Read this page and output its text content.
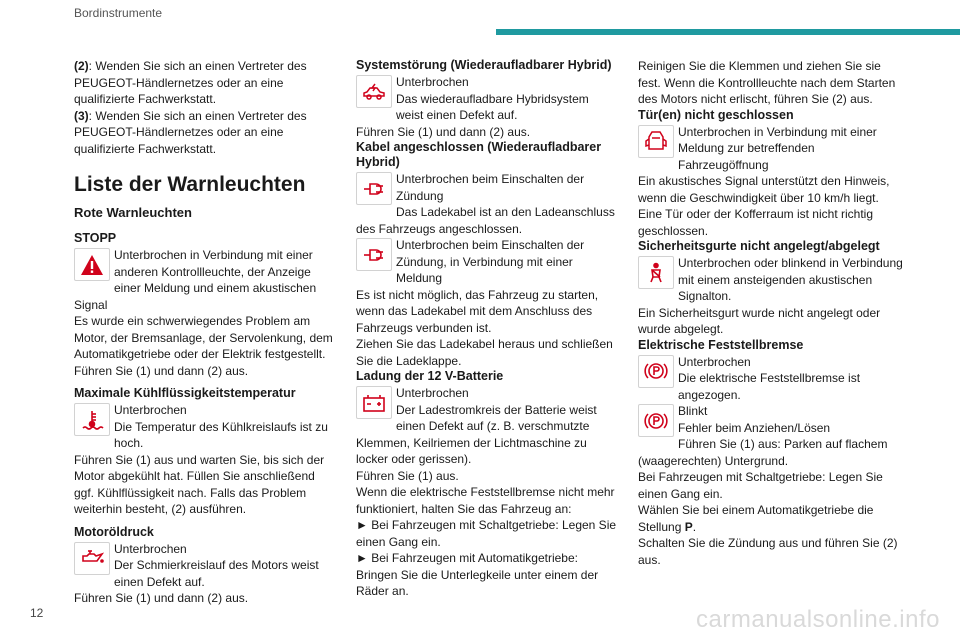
Bordinstrumente

(2): Wenden Sie sich an einen Vertreter des PEUGEOT-Händlernetzes oder an eine qualifizierte Fachwerkstatt.

(3): Wenden Sie sich an einen Vertreter des PEUGEOT-Händlernetzes oder an eine qualifizierte Fachwerkstatt.

Liste der Warnleuchten
Rote Warnleuchten
STOPP

Unterbrochen in Verbindung mit einer anderen Kontrollleuchte, der Anzeige einer Meldung und einem akustischen Signal

Es wurde ein schwerwiegendes Problem am Motor, der Bremsanlage, der Servolenkung, dem Automatikgetriebe oder der Elektrik festgestellt.

Führen Sie (1) und dann (2) aus.

Maximale Kühlflüssigkeitstemperatur

Unterbrochen

Die Temperatur des Kühlkreislaufs ist zu hoch.

Führen Sie (1) aus und warten Sie, bis sich der Motor abgekühlt hat. Füllen Sie anschließend ggf. Kühlflüssigkeit nach. Falls das Problem weiterhin besteht, (2) ausführen.

Motoröldruck

Unterbrochen

Der Schmierkreislauf des Motors weist einen Defekt auf.

Führen Sie (1) und dann (2) aus.

Systemstörung (Wiederaufladbarer Hybrid)

Unterbrochen

Das wiederaufladbare Hybridsystem weist einen Defekt auf.

Führen Sie (1) und dann (2) aus.

Kabel angeschlossen (Wiederaufladbarer Hybrid)

Unterbrochen beim Einschalten der Zündung

Das Ladekabel ist an den Ladeanschluss des Fahrzeugs angeschlossen.

Unterbrochen beim Einschalten der Zündung, in Verbindung mit einer Meldung

Es ist nicht möglich, das Fahrzeug zu starten, wenn das Ladekabel mit dem Anschluss des Fahrzeugs verbunden ist.

Ziehen Sie das Ladekabel heraus und schließen Sie die Ladeklappe.

Ladung der 12 V-Batterie

Unterbrochen

Der Ladestromkreis der Batterie weist einen Defekt auf (z. B. verschmutzte Klemmen, Keilriemen der Lichtmaschine zu locker oder gerissen).

Führen Sie (1) aus.

Wenn die elektrische Feststellbremse nicht mehr funktioniert, halten Sie das Fahrzeug an:

► Bei Fahrzeugen mit Schaltgetriebe: Legen Sie einen Gang ein.

► Bei Fahrzeugen mit Automatikgetriebe: Bringen Sie die Unterlegkeile unter einem der Räder an.

Reinigen Sie die Klemmen und ziehen Sie sie fest. Wenn die Kontrollleuchte nach dem Starten des Motors nicht erlischt, führen Sie (2) aus.

Tür(en) nicht geschlossen

Unterbrochen in Verbindung mit einer Meldung zur betreffenden Fahrzeugöffnung

Ein akustisches Signal unterstützt den Hinweis, wenn die Geschwindigkeit über 10 km/h liegt.

Eine Tür oder der Kofferraum ist nicht richtig geschlossen.

Sicherheitsgurte nicht angelegt/abgelegt

Unterbrochen oder blinkend in Verbindung mit einem ansteigenden akustischen Signalton.

Ein Sicherheitsgurt wurde nicht angelegt oder wurde abgelegt.

Elektrische Feststellbremse

Unterbrochen

Die elektrische Feststellbremse ist angezogen.

Blinkt

Fehler beim Anziehen/Lösen

Führen Sie (1) aus: Parken auf flachem (waagerechten) Untergrund.

Bei Fahrzeugen mit Schaltgetriebe: Legen Sie einen Gang ein.

Wählen Sie bei einem Automatikgetriebe die Stellung P.

Schalten Sie die Zündung aus und führen Sie (2) aus.

12	carmanualsonline.info
